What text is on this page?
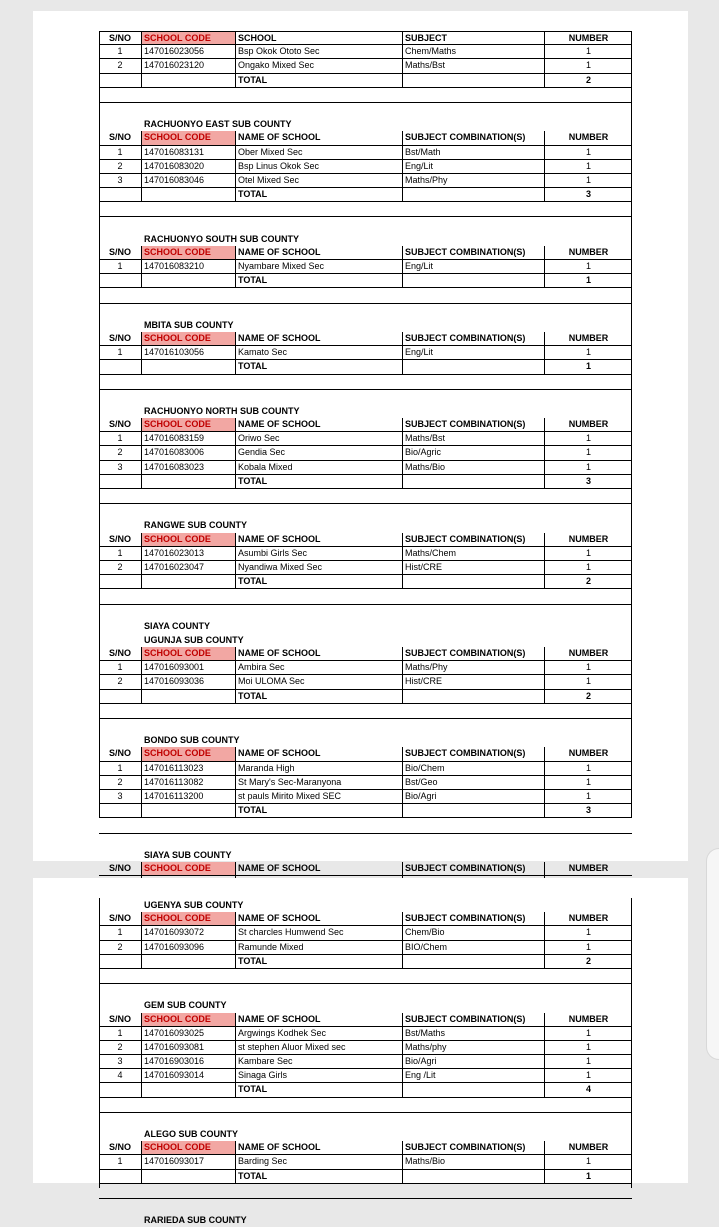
S/NO	SCHOOL CODE	SCHOOL	SUBJECT	NUMBER
1	147016023056	Bsp Okok Ototo Sec	Chem/Maths	1
2	147016023120	Ongako Mixed Sec	Maths/Bst	1
TOTAL	2
RACHUONYO EAST SUB COUNTY
S/NO	SCHOOL CODE	NAME OF SCHOOL	SUBJECT COMBINATION(S)	NUMBER
1	147016083131	Ober Mixed Sec	Bst/Math	1
2	147016083020	Bsp Linus Okok Sec	Eng/Lit	1
3	147016083046	Otel Mixed Sec	Maths/Phy	1
TOTAL	3
RACHUONYO SOUTH SUB COUNTY
S/NO	SCHOOL CODE	NAME OF SCHOOL	SUBJECT COMBINATION(S)	NUMBER
1	147016083210	Nyambare Mixed Sec	Eng/Lit	1
TOTAL	1
MBITA SUB COUNTY
S/NO	SCHOOL CODE	NAME OF SCHOOL	SUBJECT COMBINATION(S)	NUMBER
1	147016103056	Kamato Sec	Eng/Lit	1
TOTAL	1
RACHUONYO NORTH SUB COUNTY
S/NO	SCHOOL CODE	NAME OF SCHOOL	SUBJECT COMBINATION(S)	NUMBER
1	147016083159	Oriwo Sec	Maths/Bst	1
2	147016083006	Gendia Sec	Bio/Agric	1
3	147016083023	Kobala Mixed	Maths/Bio	1
TOTAL	3
RANGWE SUB COUNTY
S/NO	SCHOOL CODE	NAME OF SCHOOL	SUBJECT COMBINATION(S)	NUMBER
1	147016023013	Asumbi Girls Sec	Maths/Chem	1
2	147016023047	Nyandiwa Mixed Sec	Hist/CRE	1
TOTAL	2
SIAYA COUNTY
UGUNJA SUB COUNTY
S/NO	SCHOOL CODE	NAME OF SCHOOL	SUBJECT COMBINATION(S)	NUMBER
1	147016093001	Ambira Sec	Maths/Phy	1
2	147016093036	Moi ULOMA Sec	Hist/CRE	1
TOTAL	2
BONDO SUB COUNTY
S/NO	SCHOOL CODE	NAME OF SCHOOL	SUBJECT COMBINATION(S)	NUMBER
1	147016113023	Maranda High	Bio/Chem	1
2	147016113082	St Mary's Sec-Maranyona	Bst/Geo	1
3	147016113200	st pauls Mirito Mixed SEC	Bio/Agri	1
TOTAL	3
SIAYA SUB COUNTY
S/NO	SCHOOL CODE	NAME OF SCHOOL	SUBJECT COMBINATION(S)	NUMBER
UGENYA SUB COUNTY
S/NO	SCHOOL CODE	NAME OF SCHOOL	SUBJECT COMBINATION(S)	NUMBER
1	147016093072	St charcles Humwend Sec	Chem/Bio	1
2	147016093096	Ramunde Mixed	BIO/Chem	1
TOTAL	2
GEM SUB COUNTY
S/NO	SCHOOL CODE	NAME OF SCHOOL	SUBJECT COMBINATION(S)	NUMBER
1	147016093025	Argwings Kodhek Sec	Bst/Maths	1
2	147016093081	st stephen Aluor Mixed sec	Maths/phy	1
3	147016903016	Kambare Sec	Bio/Agri	1
4	147016093014	Sinaga Girls	Eng /Lit	1
TOTAL	4
ALEGO SUB COUNTY
S/NO	SCHOOL CODE	NAME OF SCHOOL	SUBJECT COMBINATION(S)	NUMBER
1	147016093017	Barding Sec	Maths/Bio	1
TOTAL	1
RARIEDA SUB COUNTY
